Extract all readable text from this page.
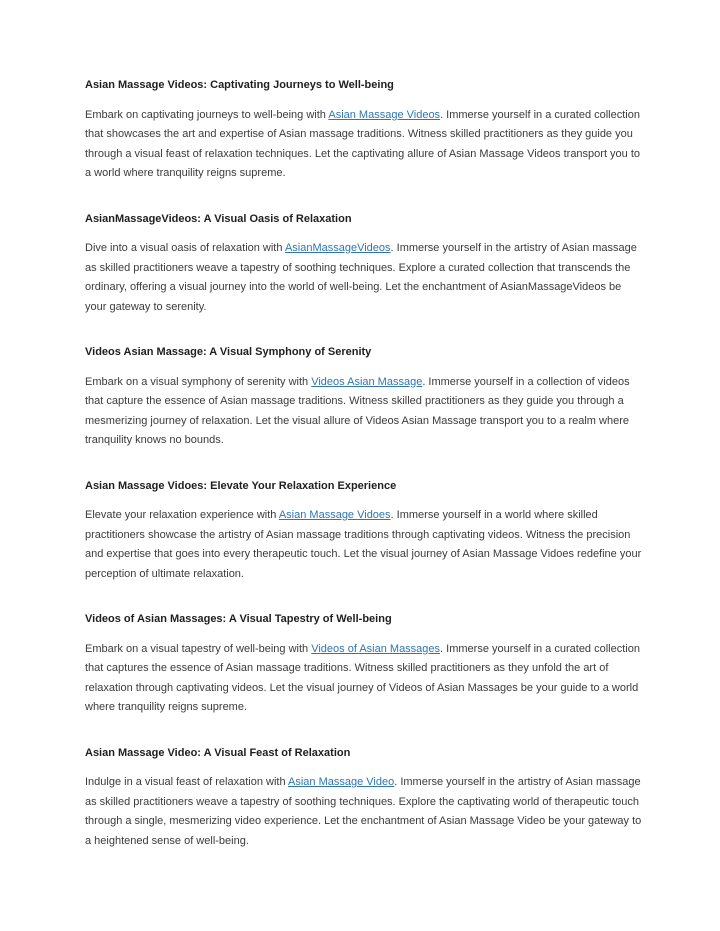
Asian Massage Videos: Captivating Journeys to Well-being

Embark on captivating journeys to well-being with Asian Massage Videos. Immerse yourself in a curated collection that showcases the art and expertise of Asian massage traditions. Witness skilled practitioners as they guide you through a visual feast of relaxation techniques. Let the captivating allure of Asian Massage Videos transport you to a world where tranquility reigns supreme.

AsianMassageVideos: A Visual Oasis of Relaxation

Dive into a visual oasis of relaxation with AsianMassageVideos. Immerse yourself in the artistry of Asian massage as skilled practitioners weave a tapestry of soothing techniques. Explore a curated collection that transcends the ordinary, offering a visual journey into the world of well-being. Let the enchantment of AsianMassageVideos be your gateway to serenity.

Videos Asian Massage: A Visual Symphony of Serenity

Embark on a visual symphony of serenity with Videos Asian Massage. Immerse yourself in a collection of videos that capture the essence of Asian massage traditions. Witness skilled practitioners as they guide you through a mesmerizing journey of relaxation. Let the visual allure of Videos Asian Massage transport you to a realm where tranquility knows no bounds.

Asian Massage Vidoes: Elevate Your Relaxation Experience

Elevate your relaxation experience with Asian Massage Vidoes. Immerse yourself in a world where skilled practitioners showcase the artistry of Asian massage traditions through captivating videos. Witness the precision and expertise that goes into every therapeutic touch. Let the visual journey of Asian Massage Vidoes redefine your perception of ultimate relaxation.

Videos of Asian Massages: A Visual Tapestry of Well-being

Embark on a visual tapestry of well-being with Videos of Asian Massages. Immerse yourself in a curated collection that captures the essence of Asian massage traditions. Witness skilled practitioners as they unfold the art of relaxation through captivating videos. Let the visual journey of Videos of Asian Massages be your guide to a world where tranquility reigns supreme.

Asian Massage Video: A Visual Feast of Relaxation

Indulge in a visual feast of relaxation with Asian Massage Video. Immerse yourself in the artistry of Asian massage as skilled practitioners weave a tapestry of soothing techniques. Explore the captivating world of therapeutic touch through a single, mesmerizing video experience. Let the enchantment of Asian Massage Video be your gateway to a heightened sense of well-being.
